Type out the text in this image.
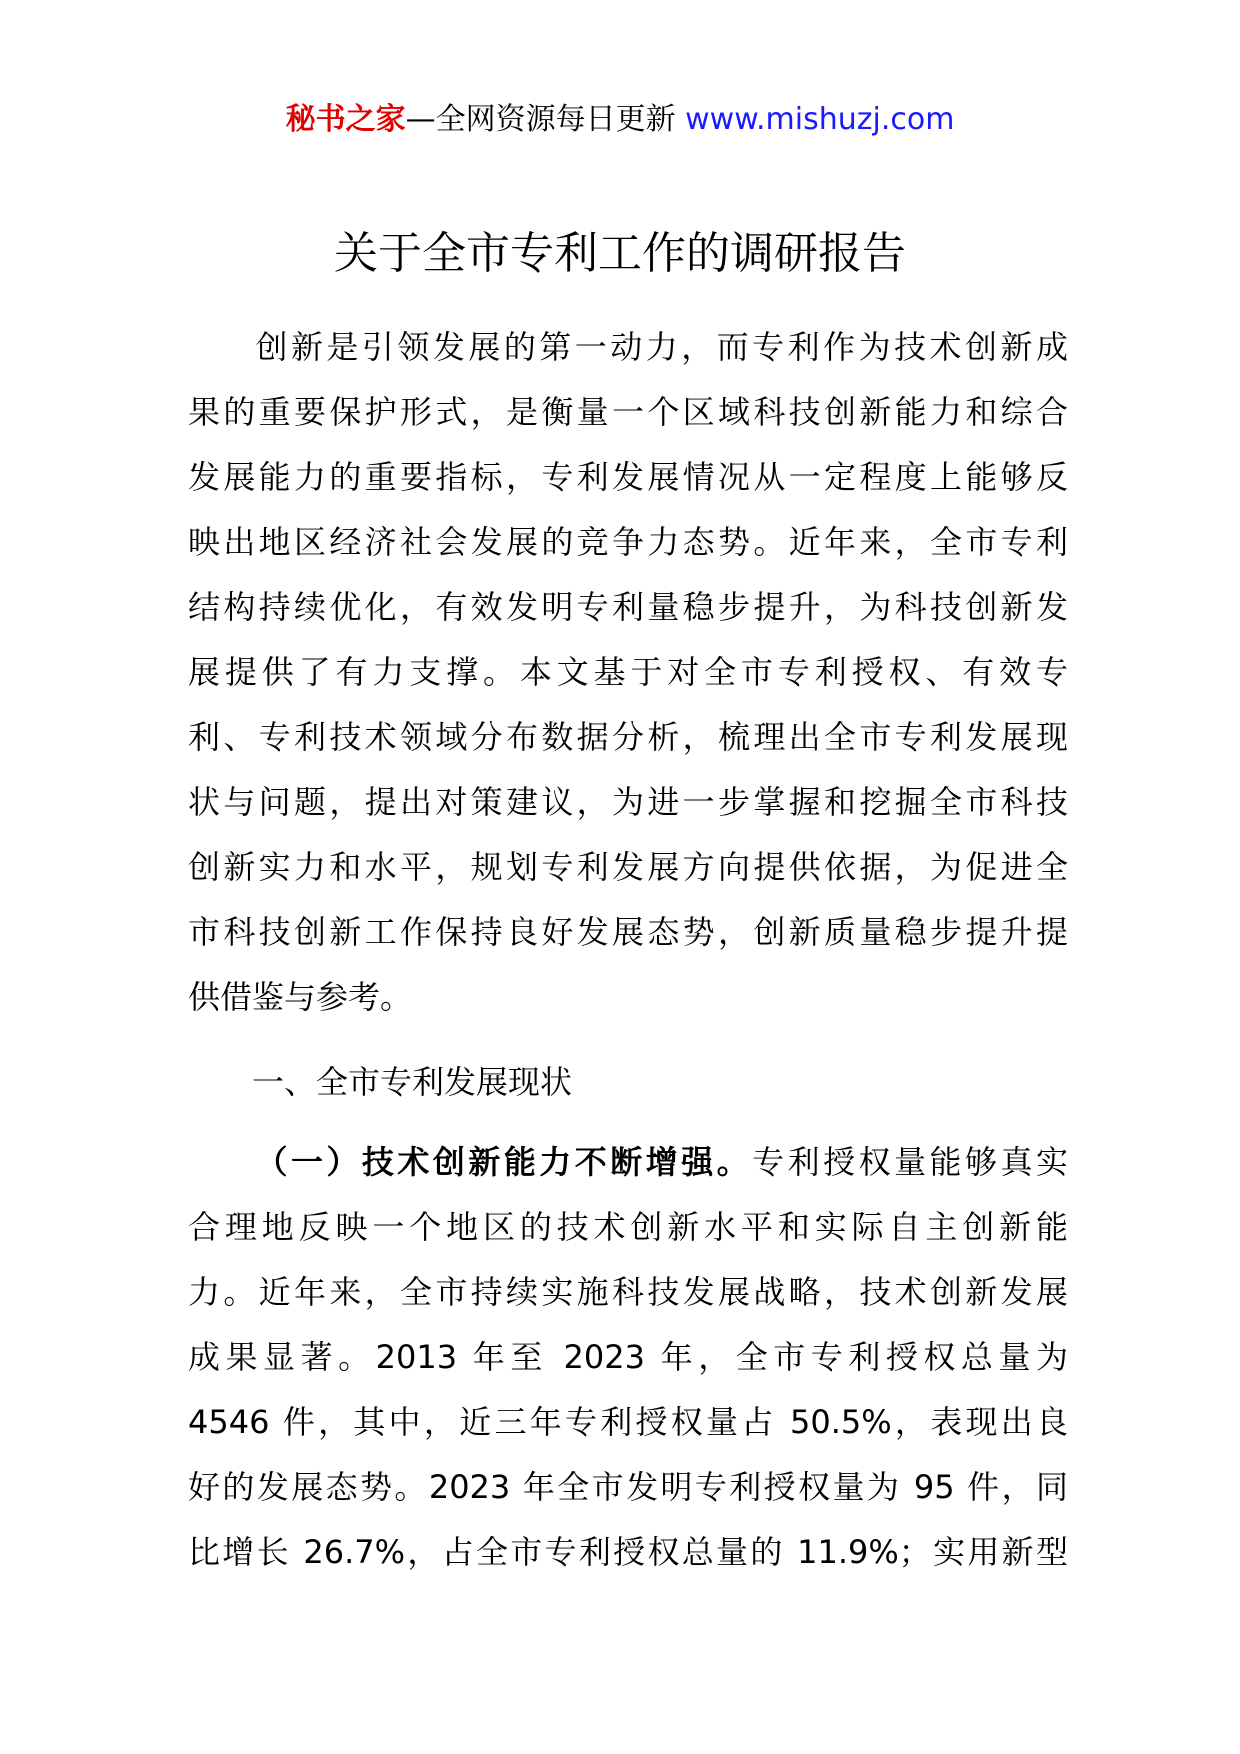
秘书之家—全网资源每日更新 www.mishuzj.com
关于全市专利工作的调研报告
创新是引领发展的第一动力，而专利作为技术创新成
果的重要保护形式，是衡量一个区域科技创新能力和综合
发展能力的重要指标，专利发展情况从一定程度上能够反
映出地区经济社会发展的竞争力态势。近年来，全市专利
结构持续优化，有效发明专利量稳步提升，为科技创新发
展提供了有力支撑。本文基于对全市专利授权、有效专
利、专利技术领域分布数据分析，梳理出全市专利发展现
状与问题，提出对策建议，为进一步掌握和挖掘全市科技
创新实力和水平，规划专利发展方向提供依据，为促进全
市科技创新工作保持良好发展态势，创新质量稳步提升提
供借鉴与参考。
一、全市专利发展现状
（一）技术创新能力不断增强。专利授权量能够真实
合理地反映一个地区的技术创新水平和实际自主创新能
力。近年来，全市持续实施科技发展战略，技术创新发展
成果显著。2013 年至 2023 年，全市专利授权总量为
4546 件，其中，近三年专利授权量占 50.5%，表现出良
好的发展态势。2023 年全市发明专利授权量为 95 件，同
比增长 26.7%，占全市专利授权总量的 11.9%；实用新型
